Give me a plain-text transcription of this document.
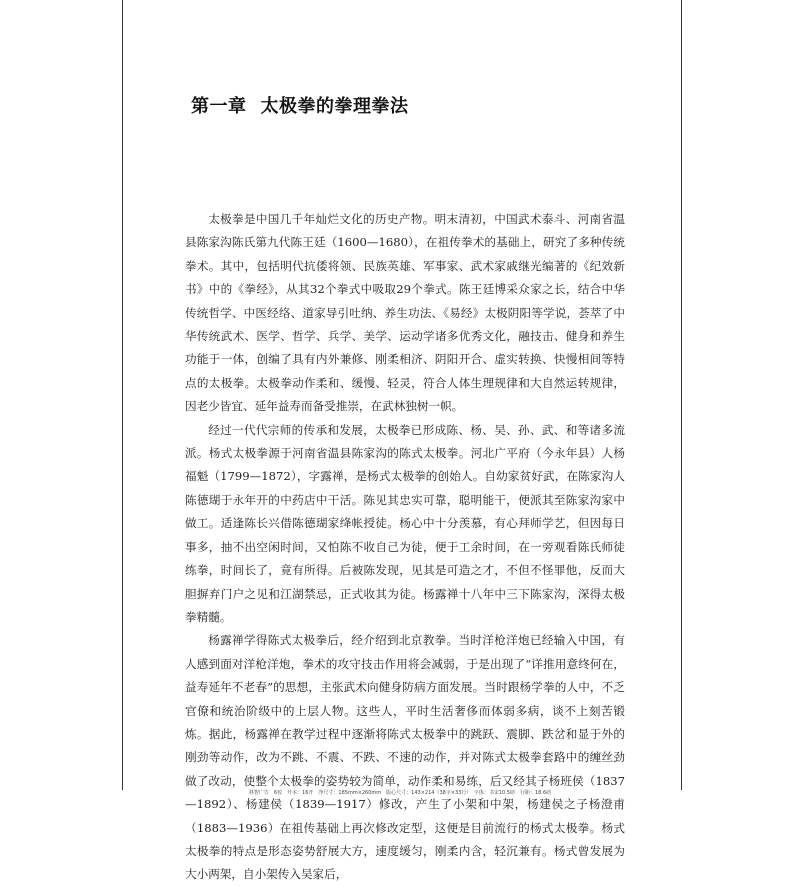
第一章 太极拳的拳理拳法

太极拳是中国几千年灿烂文化的历史产物。明末清初，中国武术泰斗、河南省温县陈家沟陈氏第九代陈王廷（1600—1680），在祖传拳术的基础上，研究了多种传统拳术。其中，包括明代抗倭将领、民族英雄、军事家、武术家戚继光编著的《纪效新书》中的《拳经》，从其32个拳式中吸取29个拳式。陈王廷博采众家之长，结合中华传统哲学、中医经络、道家导引吐纳、养生功法、《易经》太极阴阳等学说，荟萃了中华传统武术、医学、哲学、兵学、美学、运动学诸多优秀文化，融技击、健身和养生功能于一体，创编了具有内外兼修、刚柔相济、阴阳开合、虚实转换、快慢相间等特点的太极拳。太极拳动作柔和、缓慢、轻灵，符合人体生理规律和大自然运转规律，因老少皆宜、延年益寿而备受推崇，在武林独树一帜。

经过一代代宗师的传承和发展，太极拳已形成陈、杨、吴、孙、武、和等诸多流派。杨式太极拳源于河南省温县陈家沟的陈式太极拳。河北广平府（今永年县）人杨福魁（1799—1872），字露禅，是杨式太极拳的创始人。自幼家贫好武，在陈家沟人陈德瑚于永年开的中药店中干活。陈见其忠实可靠，聪明能干，便派其至陈家沟家中做工。适逢陈长兴借陈德瑚家绛帐授徒。杨心中十分羡慕，有心拜师学艺，但因每日事多，抽不出空闲时间，又怕陈不收自己为徒，便于工余时间，在一旁观看陈氏师徒练拳，时间长了，竟有所得。后被陈发现，见其是可造之才，不但不怪罪他，反而大胆摒弃门户之见和江湖禁忌，正式收其为徒。杨露禅十八年中三下陈家沟，深得太极拳精髓。

杨露禅学得陈式太极拳后，经介绍到北京教拳。当时洋枪洋炮已经输入中国，有人感到面对洋枪洋炮，拳术的攻守技击作用将会减弱，于是出现了“详推用意终何在，益寿延年不老春”的思想，主张武术向健身防病方面发展。当时跟杨学拳的人中，不乏官僚和统治阶级中的上层人物。这些人，平时生活奢侈而体弱多病，谈不上刻苦锻炼。据此，杨露禅在教学过程中逐渐将陈式太极拳中的跳跃、震脚、跌岔和显于外的刚劲等动作，改为不跳、不震、不跌、不速的动作，并对陈式太极拳套路中的缠丝劲做了改动，使整个太极拳的姿势较为简单，动作柔和易练，后又经其子杨班侯（1837—1892）、杨建侯（1839—1917）修改，产生了小架和中架，杨建侯之子杨澄甫（1883—1936）在祖传基础上再次修改定型，这便是目前流行的杨式太极拳。杨式太极拳的特点是形态姿势舒展大方，速度缓匀，刚柔内含，轻沉兼有。杨式曾发展为大小两架，自小架传入吴家后，

林智广告　6校　开本：16开　净尺寸：185mm×260mm　版心尺寸：143×214（38字×33行）　字体：书宋10.5磅　行距：18.6磅
